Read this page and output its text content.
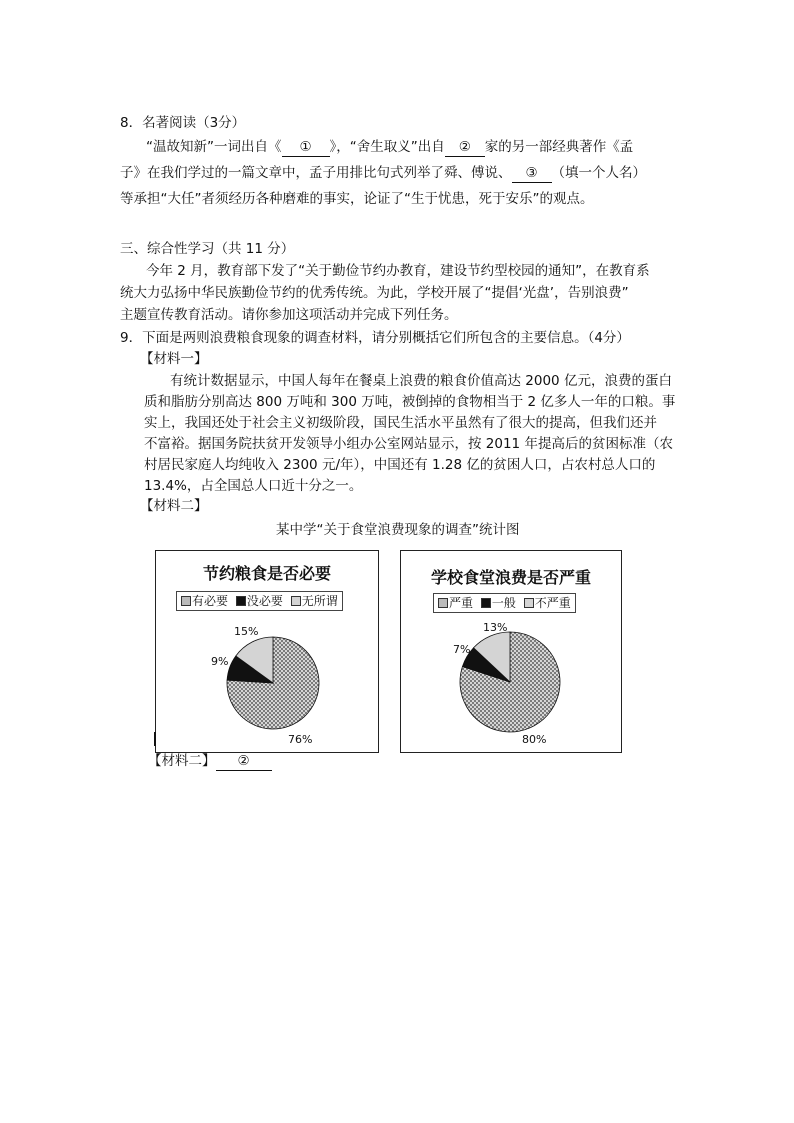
8．名著阅读（3分）
“温故知新”一词出自《 ① 》，“舍生取义”出自 ② 家的另一部经典著作《孟
子》在我们学过的一篇文章中，孟子用排比句式列举了舜、傅说、 ③ （填一个人名）
等承担“大任”者须经历各种磨难的事实，论证了“生于忧患，死于安乐”的观点。
三、综合性学习（共 11 分）
今年 2 月，教育部下发了“关于勤俭节约办教育，建设节约型校园的通知”，在教育系
统大力弘扬中华民族勤俭节约的优秀传统。为此，学校开展了“提倡‘光盘’，告别浪费”
主题宣传教育活动。请你参加这项活动并完成下列任务。
9．下面是两则浪费粮食现象的调查材料，请分别概括它们所包含的主要信息。（4分）
【材料一】
有统计数据显示，中国人每年在餐桌上浪费的粮食价值高达 2000 亿元，浪费的蛋白
质和脂肪分别高达 800 万吨和 300 万吨，被倒掉的食物相当于 2 亿多人一年的口粮。事
实上，我国还处于社会主义初级阶段，国民生活水平虽然有了很大的提高，但我们还并
不富裕。据国务院扶贫开发领导小组办公室网站显示，按 2011 年提高后的贫困标准（农
村居民家庭人均纯收入 2300 元/年），中国还有 1.28 亿的贫困人口，占农村总人口的
13.4%，占全国总人口近十分之一。
【材料二】
某中学“关于食堂浪费现象的调查”统计图
节约粮食是否必要
有必要 没必要 无所谓
15%
9%
76%
学校食堂浪费是否严重
严重 一般 不严重
13%
7%
80%
【材料二】 ②
